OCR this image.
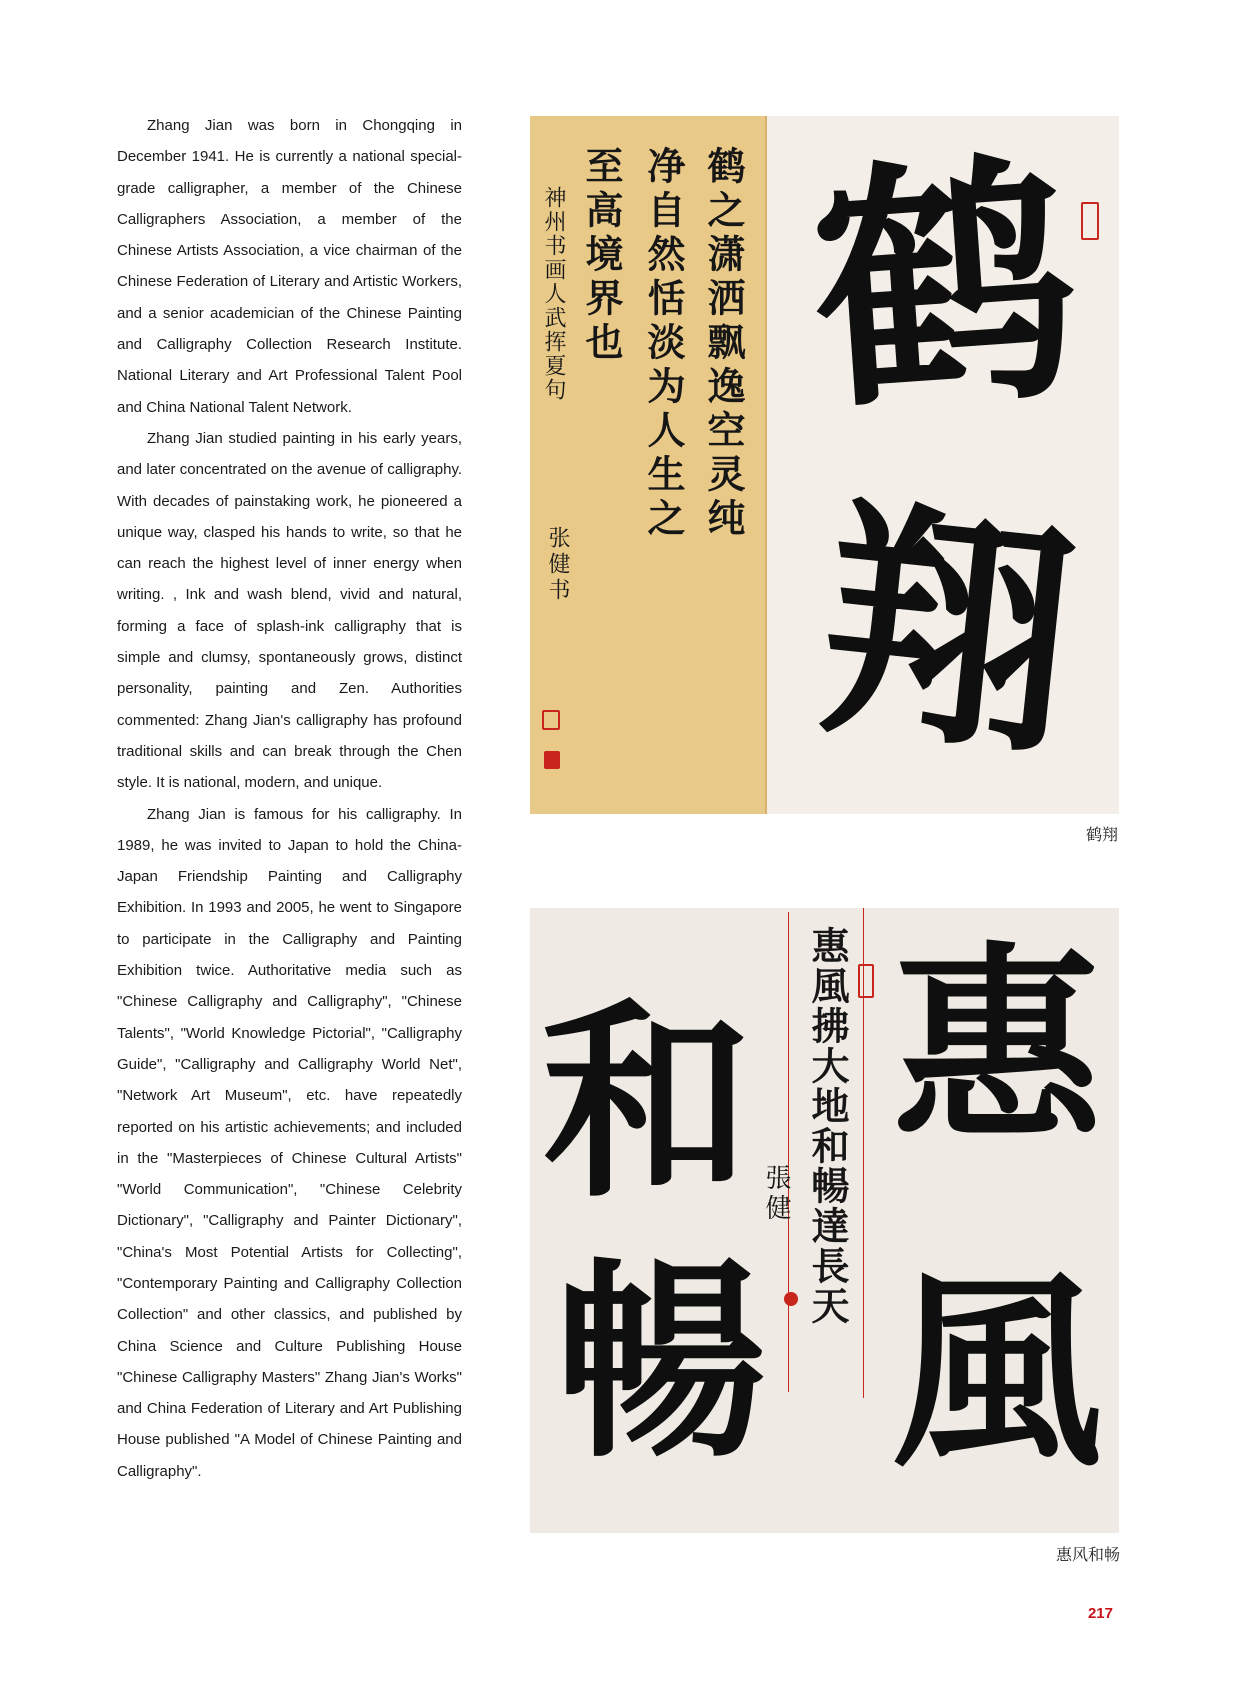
Zhang Jian was born in Chongqing in December 1941. He is currently a national special-grade calligrapher, a member of the Chinese Calligraphers Association, a member of the Chinese Artists Association, a vice chairman of the Chinese Federation of Literary and Artistic Workers, and a senior academician of the Chinese Painting and Calligraphy Collection Research Institute. National Literary and Art Professional Talent Pool and China National Talent Network.

Zhang Jian studied painting in his early years, and later concentrated on the avenue of calligraphy. With decades of painstaking work, he pioneered a unique way, clasped his hands to write, so that he can reach the highest level of inner energy when writing. , Ink and wash blend, vivid and natural, forming a face of splash-ink calligraphy that is simple and clumsy, spontaneously grows, distinct personality, painting and Zen. Authorities commented: Zhang Jian's calligraphy has profound traditional skills and can break through the Chen style. It is national, modern, and unique.

Zhang Jian is famous for his calligraphy. In 1989, he was invited to Japan to hold the China-Japan Friendship Painting and Calligraphy Exhibition. In 1993 and 2005, he went to Singapore to participate in the Calligraphy and Painting Exhibition twice. Authoritative media such as "Chinese Calligraphy and Calligraphy", "Chinese Talents", "World Knowledge Pictorial", "Calligraphy Guide", "Calligraphy and Calligraphy World Net", "Network Art Museum", etc. have repeatedly reported on his artistic achievements; and included in the "Masterpieces of Chinese Cultural Artists" "World Communication", "Chinese Celebrity Dictionary", "Calligraphy and Painter Dictionary", "China's Most Potential Artists for Collecting", "Contemporary Painting and Calligraphy Collection Collection" and other classics, and published by China Science and Culture Publishing House "Chinese Calligraphy Masters" Zhang Jian's Works" and China Federation of Literary and Art Publishing House published "A Model of Chinese Painting and Calligraphy".

鹤之潇洒飘逸空灵纯
净自然恬淡为人生之
至高境界也
神州书画人武挥夏句
张健书
鹤
翔
鹤翔
惠風拂大地和暢達長天
張健
惠
風
和
暢
惠风和畅
217
